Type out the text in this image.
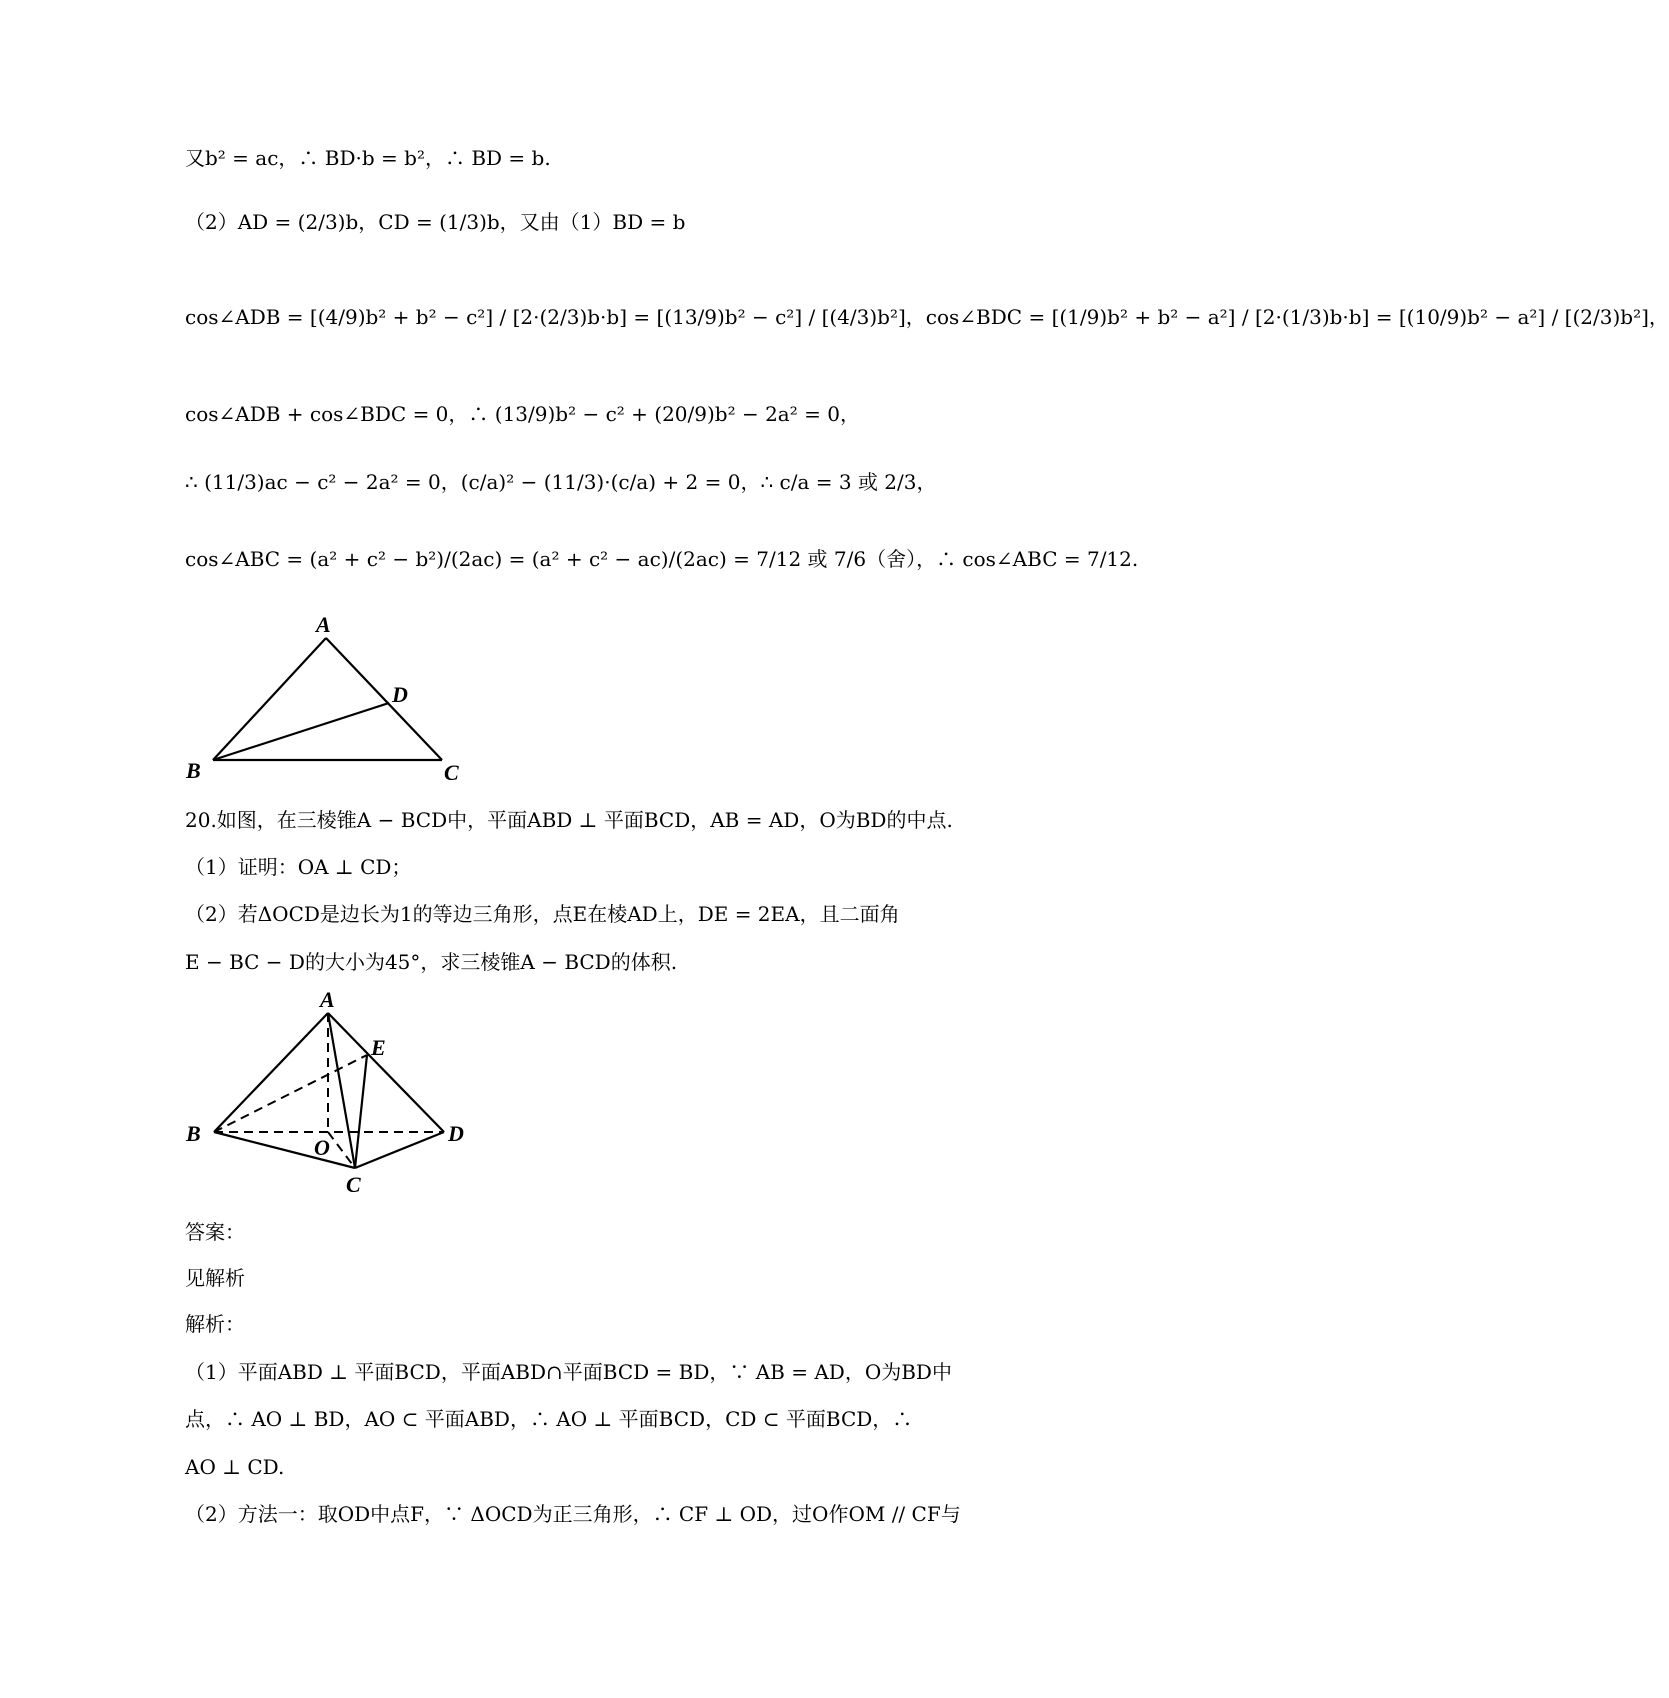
又b² = ac，∴ BD·b = b²，∴ BD = b.
（2）AD = (2/3)b，CD = (1/3)b，又由（1）BD = b
cos∠ADB = [(4/9)b² + b² − c²] / [2·(2/3)b·b] = [(13/9)b² − c²] / [(4/3)b²]，cos∠BDC = [(1/9)b² + b² − a²] / [2·(1/3)b·b] = [(10/9)b² − a²] / [(2/3)b²]，
cos∠ADB + cos∠BDC = 0，∴ (13/9)b² − c² + (20/9)b² − 2a² = 0，
∴ (11/3)ac − c² − 2a² = 0，(c/a)² − (11/3)·(c/a) + 2 = 0，∴ c/a = 3 或 2/3，
cos∠ABC = (a² + c² − b²)/(2ac) = (a² + c² − ac)/(2ac) = 7/12 或 7/6（舍），∴ cos∠ABC = 7/12.
A
B	C
D
20.如图，在三棱锥A − BCD中，平面ABD ⊥ 平面BCD，AB = AD，O为BD的中点.
（1）证明：OA ⊥ CD；
（2）若ΔOCD是边长为1的等边三角形，点E在棱AD上，DE = 2EA，且二面角
E − BC − D的大小为45°，求三棱锥A − BCD的体积.
A
B
C
D
E
O
答案：
见解析
解析：
（1）平面ABD ⊥ 平面BCD，平面ABD∩平面BCD = BD，∵ AB = AD，O为BD中
点，∴ AO ⊥ BD，AO ⊂ 平面ABD，∴ AO ⊥ 平面BCD，CD ⊂ 平面BCD，∴
AO ⊥ CD.
（2）方法一：取OD中点F，∵ ΔOCD为正三角形，∴ CF ⊥ OD，过O作OM // CF与
